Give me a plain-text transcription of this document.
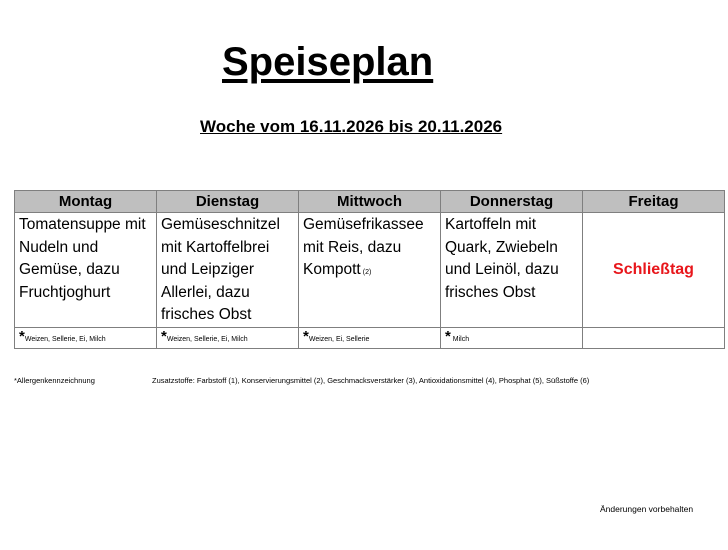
Speiseplan
Woche vom 16.11.2026 bis 20.11.2026
Montag	Dienstag	Mittwoch	Donnerstag	Freitag
Tomatensuppe mit Nudeln und Gemüse, dazu Fruchtjoghurt	Gemüseschnitzel mit Kartoffelbrei und Leipziger Allerlei, dazu frisches Obst	Gemüsefrikassee mit Reis, dazu Kompott (2)	Kartoffeln mit Quark, Zwiebeln und Leinöl, dazu frisches Obst	Schließtag
*Weizen, Sellerie, Ei, Milch	*Weizen, Sellerie, Ei, Milch	*Weizen, Ei, Sellerie	* Milch	
*Allergenkennzeichnung	Zusatzstoffe: Farbstoff (1), Konservierungsmittel (2), Geschmacksverstärker (3), Antioxidationsmittel (4), Phosphat (5), Süßstoffe (6)
Änderungen vorbehalten
